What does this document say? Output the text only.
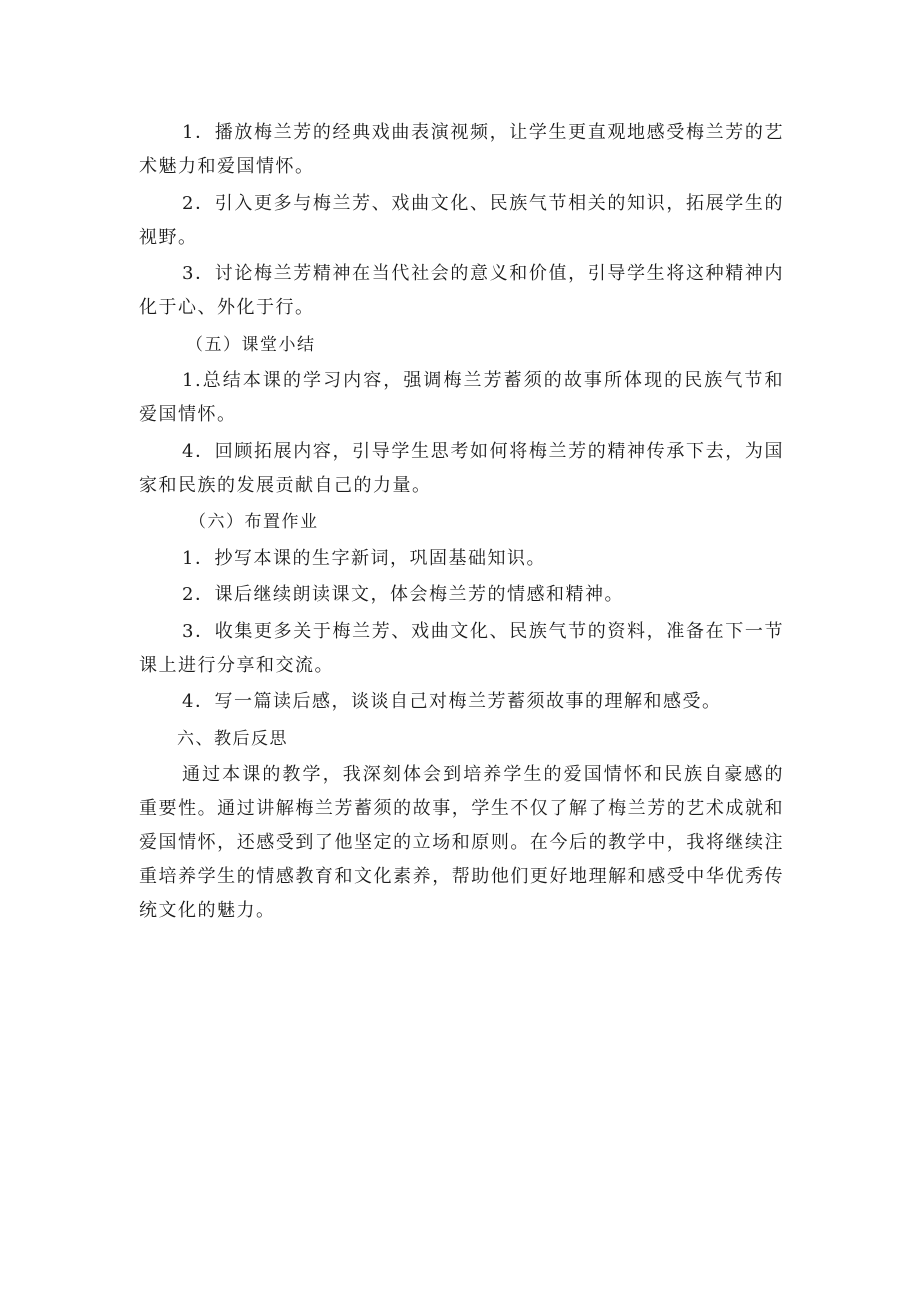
1．播放梅兰芳的经典戏曲表演视频，让学生更直观地感受梅兰芳的艺术魅力和爱国情怀。

2．引入更多与梅兰芳、戏曲文化、民族气节相关的知识，拓展学生的视野。

3．讨论梅兰芳精神在当代社会的意义和价值，引导学生将这种精神内化于心、外化于行。

（五）课堂小结

1.总结本课的学习内容，强调梅兰芳蓄须的故事所体现的民族气节和爱国情怀。

4．回顾拓展内容，引导学生思考如何将梅兰芳的精神传承下去，为国家和民族的发展贡献自己的力量。

（六）布置作业

1．抄写本课的生字新词，巩固基础知识。

2．课后继续朗读课文，体会梅兰芳的情感和精神。

3．收集更多关于梅兰芳、戏曲文化、民族气节的资料，准备在下一节课上进行分享和交流。

4．写一篇读后感，谈谈自己对梅兰芳蓄须故事的理解和感受。

六、教后反思

通过本课的教学，我深刻体会到培养学生的爱国情怀和民族自豪感的重要性。通过讲解梅兰芳蓄须的故事，学生不仅了解了梅兰芳的艺术成就和爱国情怀，还感受到了他坚定的立场和原则。在今后的教学中，我将继续注重培养学生的情感教育和文化素养，帮助他们更好地理解和感受中华优秀传统文化的魅力。
